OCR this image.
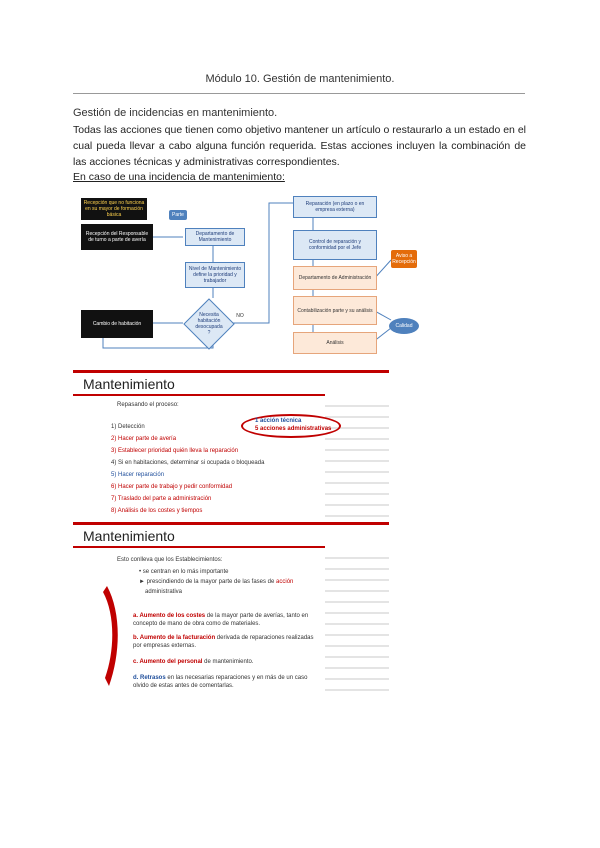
Módulo 10. Gestión de mantenimiento.
Gestión de incidencias en mantenimiento.
Todas las acciones que tienen como objetivo mantener un artículo o restaurarlo a un estado en el cual pueda llevar a cabo alguna función requerida. Estas acciones incluyen la combinación de las acciones técnicas y administrativas correspondientes.
En caso de una incidencia de mantenimiento:
Recepción que no funciona en su mayor de formación básica
Recepción del Responsable de turno a parte de avería
Parte
Departamento de Mantenimiento
Nivel de Mantenimiento define la prioridad y trabajador
Cambio de habitación
Necesita habitación desocupada ?
NO
Reparación (en plazo o en empresa externa)
Control de reparación y conformidad por el Jefe
Departamento de Administración
Contabilización parte y su análisis
Análisis
Aviso a Recepción
Calidad
Mantenimiento
Repasando el proceso:
1 acción técnica
5 acciones administrativas
1) Detección
2) Hacer parte de avería
3) Establecer prioridad quién lleva la reparación
4) Si en habitaciones, determinar si ocupada o bloqueada
5) Hacer reparación
6) Hacer parte de trabajo y pedir conformidad
7) Traslado del parte a administración
8) Análisis de los costes y tiempos
Mantenimiento
Esto conlleva que los Establecimientos:
• se centran en lo más importante
► prescindiendo de la mayor parte de las fases de acción
administrativa
a. Aumento de los costes de la mayor parte de averías, tanto en concepto de mano de obra como de materiales.
b. Aumento de la facturación derivada de reparaciones realizadas por empresas externas.
c. Aumento del personal de mantenimiento.
d. Retrasos en las necesarias reparaciones y en más de un caso olvido de estas antes de comentarlas.
